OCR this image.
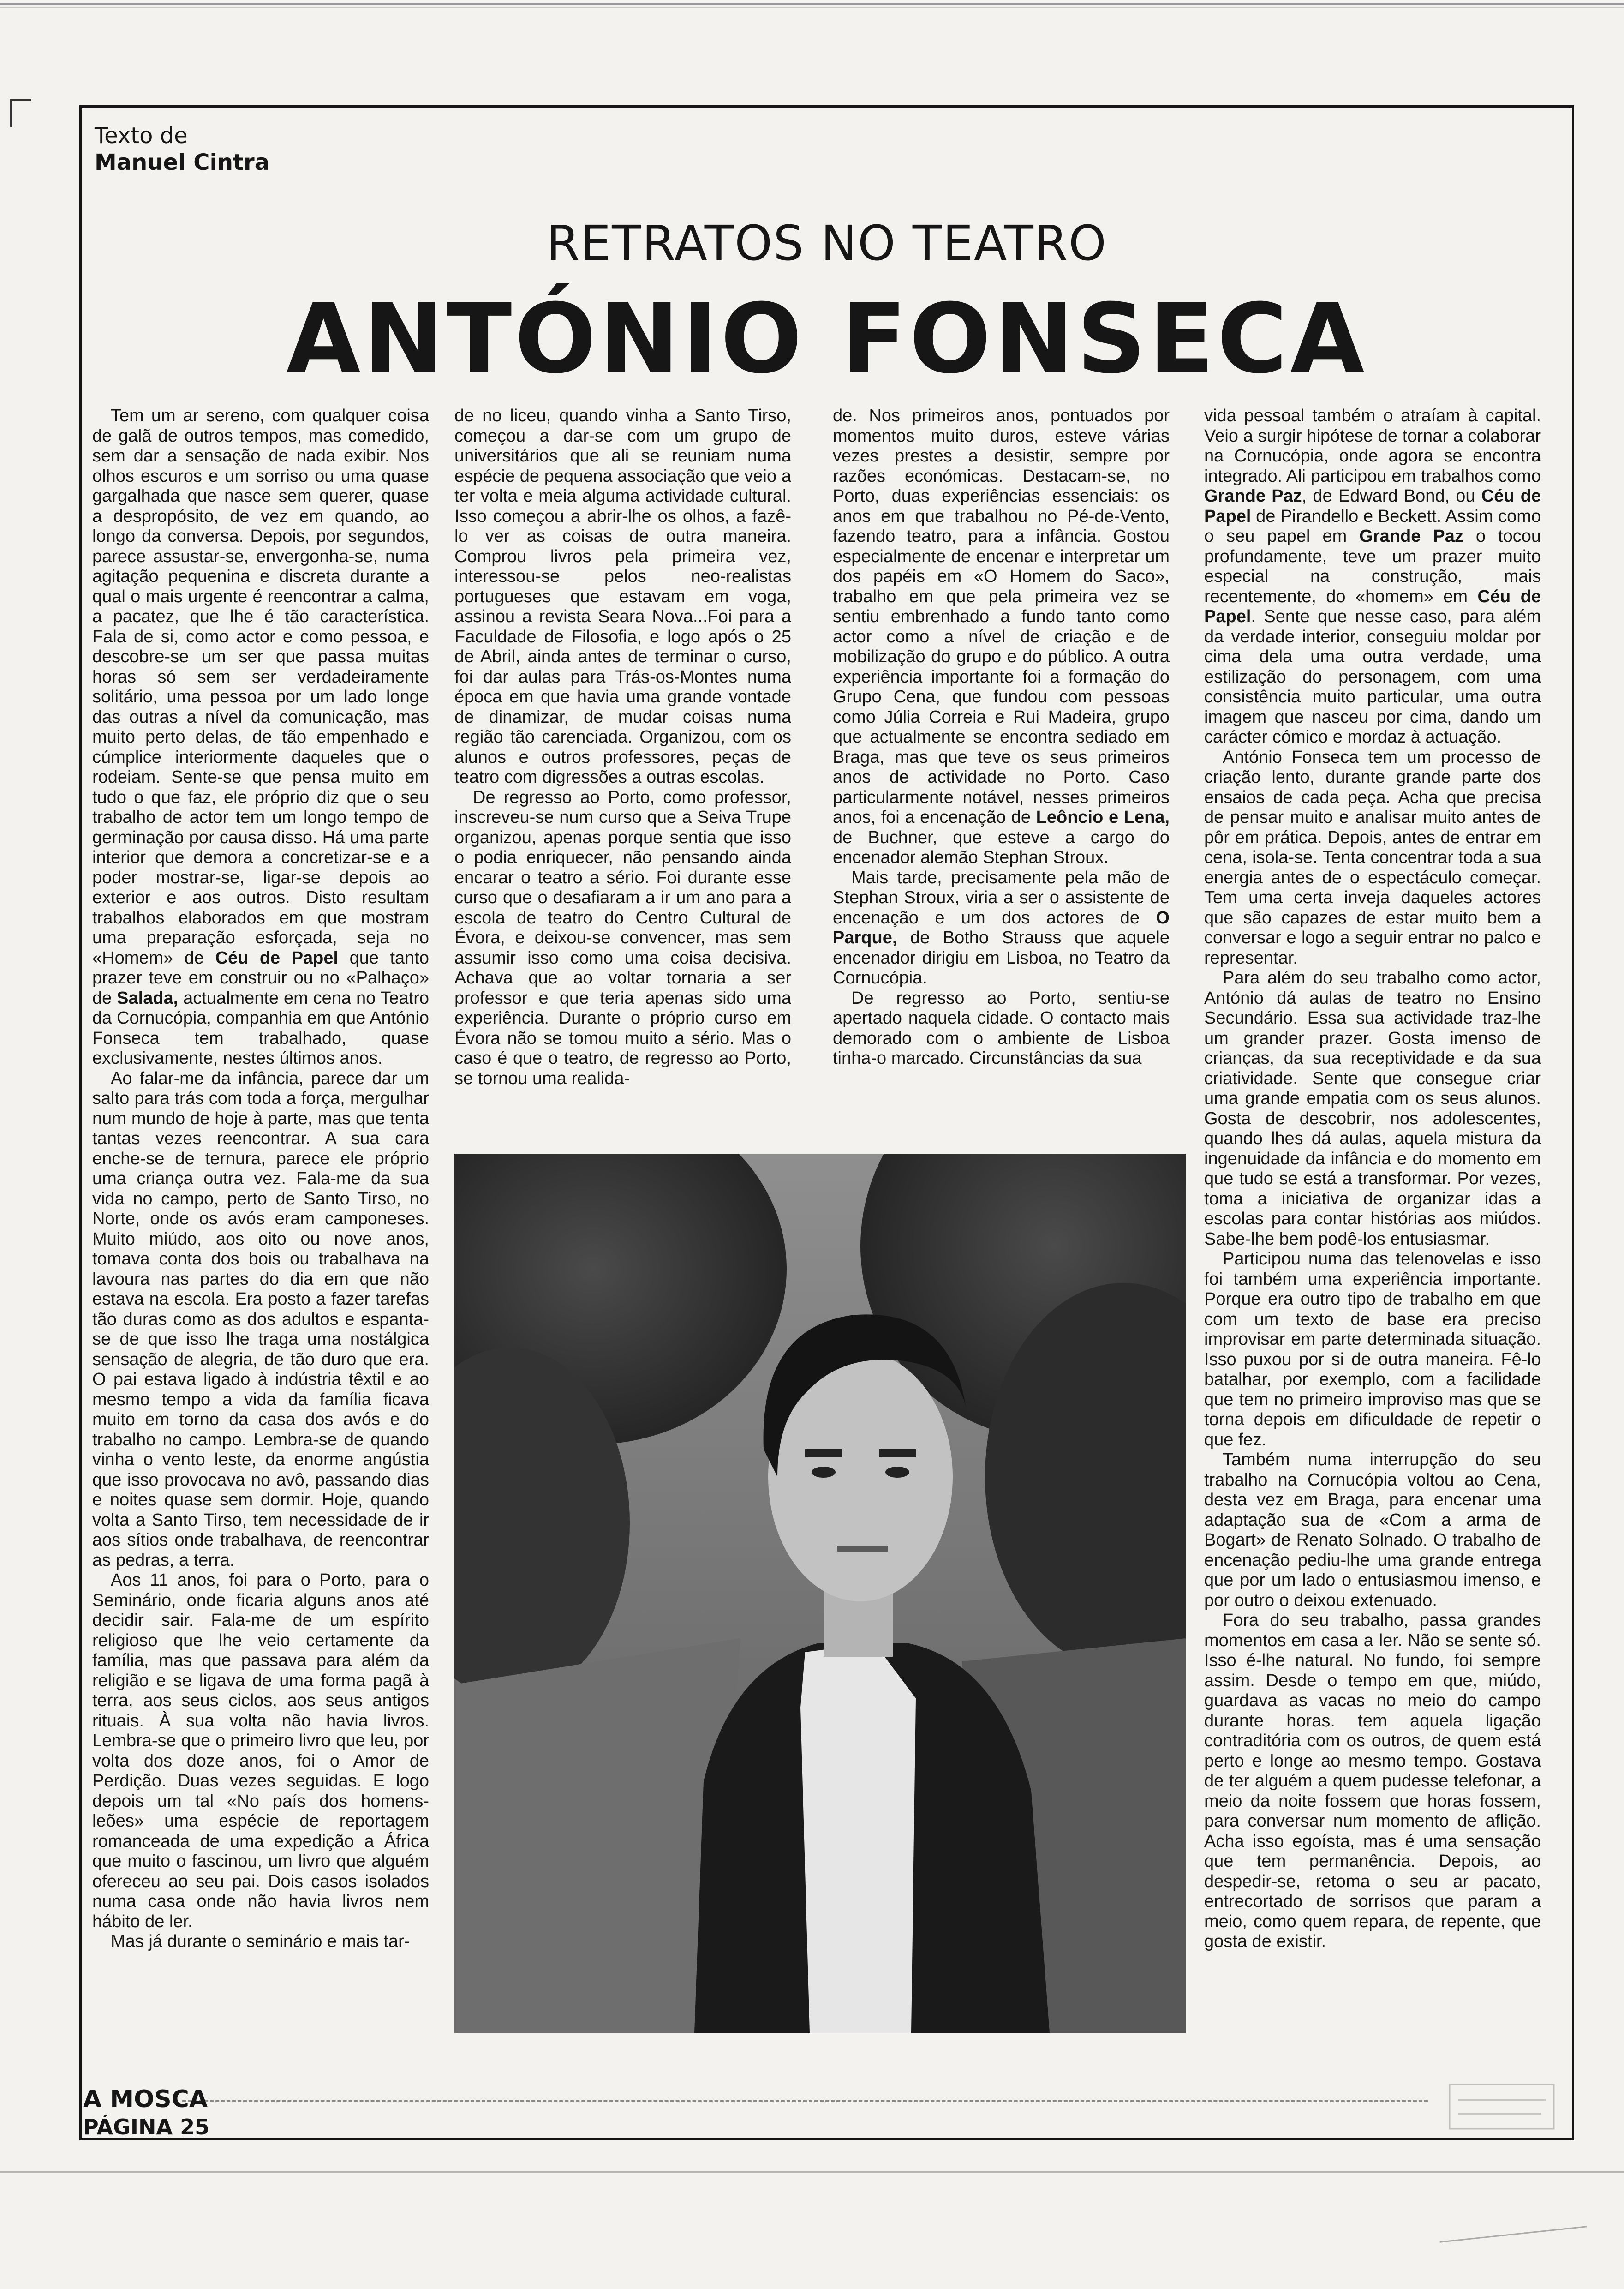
Texto de
Manuel Cintra
RETRATOS NO TEATRO
ANTÓNIO FONSECA

Tem um ar sereno, com qualquer coisa de galã de outros tempos, mas comedido, sem dar a sensação de nada exibir. Nos olhos escuros e um sorriso ou uma quase gargalhada que nasce sem querer, quase a despropósito, de vez em quando, ao longo da conversa. Depois, por segundos, parece assustar-se, envergonha-se, numa agitação pequenina e discreta durante a qual o mais urgente é reencontrar a calma, a pacatez, que lhe é tão característica. Fala de si, como actor e como pessoa, e descobre-se um ser que passa muitas horas só sem ser verdadeiramente solitário, uma pessoa por um lado longe das outras a nível da comunicação, mas muito perto delas, de tão empenhado e cúmplice interiormente daqueles que o rodeiam. Sente-se que pensa muito em tudo o que faz, ele próprio diz que o seu trabalho de actor tem um longo tempo de germinação por causa disso. Há uma parte interior que demora a concretizar-se e a poder mostrar-se, ligar-se depois ao exterior e aos outros. Disto resultam trabalhos elaborados em que mostram uma preparação esforçada, seja no «Homem» de Céu de Papel que tanto prazer teve em construir ou no «Palhaço» de Salada, actualmente em cena no Teatro da Cornucópia, companhia em que António Fonseca tem trabalhado, quase exclusivamente, nestes últimos anos.

Ao falar-me da infância, parece dar um salto para trás com toda a força, mergulhar num mundo de hoje à parte, mas que tenta tantas vezes reencontrar. A sua cara enche-se de ternura, parece ele próprio uma criança outra vez. Fala-me da sua vida no campo, perto de Santo Tirso, no Norte, onde os avós eram camponeses. Muito miúdo, aos oito ou nove anos, tomava conta dos bois ou trabalhava na lavoura nas partes do dia em que não estava na escola. Era posto a fazer tarefas tão duras como as dos adultos e espanta-se de que isso lhe traga uma nostálgica sensação de alegria, de tão duro que era. O pai estava ligado à indústria têxtil e ao mesmo tempo a vida da família ficava muito em torno da casa dos avós e do trabalho no campo. Lembra-se de quando vinha o vento leste, da enorme angústia que isso provocava no avô, passando dias e noites quase sem dormir. Hoje, quando volta a Santo Tirso, tem necessidade de ir aos sítios onde trabalhava, de reencontrar as pedras, a terra.

Aos 11 anos, foi para o Porto, para o Seminário, onde ficaria alguns anos até decidir sair. Fala-me de um espírito religioso que lhe veio certamente da família, mas que passava para além da religião e se ligava de uma forma pagã à terra, aos seus ciclos, aos seus antigos rituais. À sua volta não havia livros. Lembra-se que o primeiro livro que leu, por volta dos doze anos, foi o Amor de Perdição. Duas vezes seguidas. E logo depois um tal «No país dos homens-leões» uma espécie de reportagem romanceada de uma expedição a África que muito o fascinou, um livro que alguém ofereceu ao seu pai. Dois casos isolados numa casa onde não havia livros nem hábito de ler.

Mas já durante o seminário e mais tar-

de no liceu, quando vinha a Santo Tirso, começou a dar-se com um grupo de universitários que ali se reuniam numa espécie de pequena associação que veio a ter volta e meia alguma actividade cultural. Isso começou a abrir-lhe os olhos, a fazê-lo ver as coisas de outra maneira. Comprou livros pela primeira vez, interessou-se pelos neo-realistas portugueses que estavam em voga, assinou a revista Seara Nova...Foi para a Faculdade de Filosofia, e logo após o 25 de Abril, ainda antes de terminar o curso, foi dar aulas para Trás-os-Montes numa época em que havia uma grande vontade de dinamizar, de mudar coisas numa região tão carenciada. Organizou, com os alunos e outros professores, peças de teatro com digressões a outras escolas.

De regresso ao Porto, como professor, inscreveu-se num curso que a Seiva Trupe organizou, apenas porque sentia que isso o podia enriquecer, não pensando ainda encarar o teatro a sério. Foi durante esse curso que o desafiaram a ir um ano para a escola de teatro do Centro Cultural de Évora, e deixou-se convencer, mas sem assumir isso como uma coisa decisiva. Achava que ao voltar tornaria a ser professor e que teria apenas sido uma experiência. Durante o próprio curso em Évora não se tomou muito a sério. Mas o caso é que o teatro, de regresso ao Porto, se tornou uma realida-

de. Nos primeiros anos, pontuados por momentos muito duros, esteve várias vezes prestes a desistir, sempre por razões económicas. Destacam-se, no Porto, duas experiências essenciais: os anos em que trabalhou no Pé-de-Vento, fazendo teatro, para a infância. Gostou especialmente de encenar e interpretar um dos papéis em «O Homem do Saco», trabalho em que pela primeira vez se sentiu embrenhado a fundo tanto como actor como a nível de criação e de mobilização do grupo e do público. A outra experiência importante foi a formação do Grupo Cena, que fundou com pessoas como Júlia Correia e Rui Madeira, grupo que actualmente se encontra sediado em Braga, mas que teve os seus primeiros anos de actividade no Porto. Caso particularmente notável, nesses primeiros anos, foi a encenação de Leôncio e Lena, de Buchner, que esteve a cargo do encenador alemão Stephan Stroux.

Mais tarde, precisamente pela mão de Stephan Stroux, viria a ser o assistente de encenação e um dos actores de O Parque, de Botho Strauss que aquele encenador dirigiu em Lisboa, no Teatro da Cornucópia.

De regresso ao Porto, sentiu-se apertado naquela cidade. O contacto mais demorado com o ambiente de Lisboa tinha-o marcado. Circunstâncias da sua

vida pessoal também o atraíam à capital. Veio a surgir hipótese de tornar a colaborar na Cornucópia, onde agora se encontra integrado. Ali participou em trabalhos como Grande Paz, de Edward Bond, ou Céu de Papel de Pirandello e Beckett. Assim como o seu papel em Grande Paz o tocou profundamente, teve um prazer muito especial na construção, mais recentemente, do «homem» em Céu de Papel. Sente que nesse caso, para além da verdade interior, conseguiu moldar por cima dela uma outra verdade, uma estilização do personagem, com uma consistência muito particular, uma outra imagem que nasceu por cima, dando um carácter cómico e mordaz à actuação.

António Fonseca tem um processo de criação lento, durante grande parte dos ensaios de cada peça. Acha que precisa de pensar muito e analisar muito antes de pôr em prática. Depois, antes de entrar em cena, isola-se. Tenta concentrar toda a sua energia antes de o espectáculo começar. Tem uma certa inveja daqueles actores que são capazes de estar muito bem a conversar e logo a seguir entrar no palco e representar.

Para além do seu trabalho como actor, António dá aulas de teatro no Ensino Secundário. Essa sua actividade traz-lhe um grander prazer. Gosta imenso de crianças, da sua receptividade e da sua criatividade. Sente que consegue criar uma grande empatia com os seus alunos. Gosta de descobrir, nos adolescentes, quando lhes dá aulas, aquela mistura da ingenuidade da infância e do momento em que tudo se está a transformar. Por vezes, toma a iniciativa de organizar idas a escolas para contar histórias aos miúdos. Sabe-lhe bem podê-los entusiasmar.

Participou numa das telenovelas e isso foi também uma experiência importante. Porque era outro tipo de trabalho em que com um texto de base era preciso improvisar em parte determinada situação. Isso puxou por si de outra maneira. Fê-lo batalhar, por exemplo, com a facilidade que tem no primeiro improviso mas que se torna depois em dificuldade de repetir o que fez.

Também numa interrupção do seu trabalho na Cornucópia voltou ao Cena, desta vez em Braga, para encenar uma adaptação sua de «Com a arma de Bogart» de Renato Solnado. O trabalho de encenação pediu-lhe uma grande entrega que por um lado o entusiasmou imenso, e por outro o deixou extenuado.

Fora do seu trabalho, passa grandes momentos em casa a ler. Não se sente só. Isso é-lhe natural. No fundo, foi sempre assim. Desde o tempo em que, miúdo, guardava as vacas no meio do campo durante horas. tem aquela ligação contraditória com os outros, de quem está perto e longe ao mesmo tempo. Gostava de ter alguém a quem pudesse telefonar, a meio da noite fossem que horas fossem, para conversar num momento de aflição. Acha isso egoísta, mas é uma sensação que tem permanência. Depois, ao despedir-se, retoma o seu ar pacato, entrecortado de sorrisos que param a meio, como quem repara, de repente, que gosta de existir.

A MOSCA
PÁGINA 25
